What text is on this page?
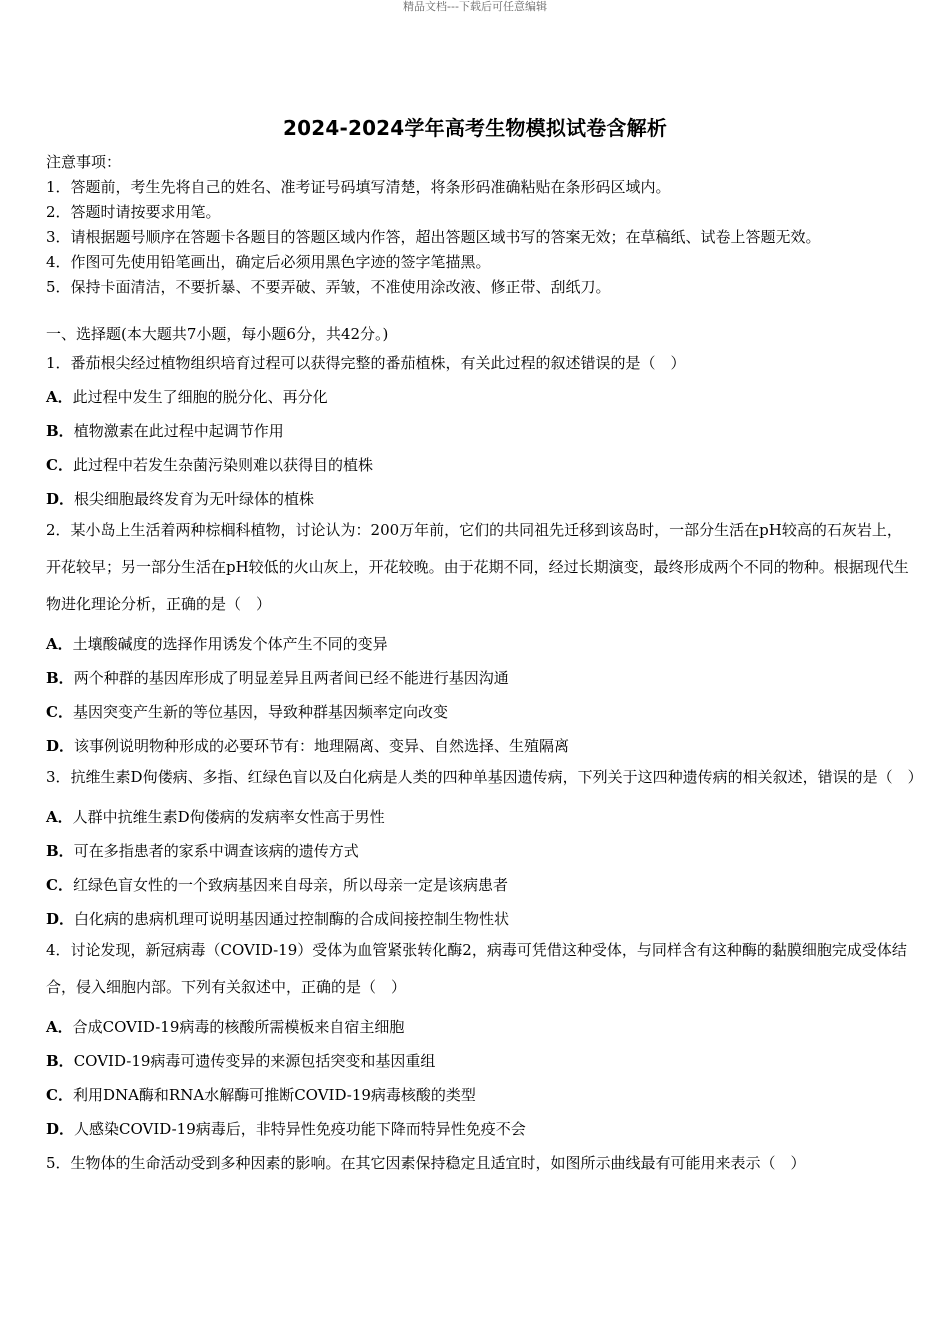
精品文档---下载后可任意编辑
2024-2024学年高考生物模拟试卷含解析

注意事项：

1．答题前，考生先将自己的姓名、准考证号码填写清楚，将条形码准确粘贴在条形码区域内。

2．答题时请按要求用笔。

3．请根据题号顺序在答题卡各题目的答题区域内作答，超出答题区域书写的答案无效；在草稿纸、试卷上答题无效。

4．作图可先使用铅笔画出，确定后必须用黑色字迹的签字笔描黑。

5．保持卡面清洁，不要折暴、不要弄破、弄皱，不准使用涂改液、修正带、刮纸刀。

一、选择题(本大题共7小题，每小题6分，共42分。)

1．番茄根尖经过植物组织培育过程可以获得完整的番茄植株，有关此过程的叙述错误的是（　）

A．此过程中发生了细胞的脱分化、再分化

B．植物激素在此过程中起调节作用

C．此过程中若发生杂菌污染则难以获得目的植株

D．根尖细胞最终发育为无叶绿体的植株

2．某小岛上生活着两种棕榈科植物，讨论认为：200万年前，它们的共同祖先迁移到该岛时，一部分生活在pH较高的石灰岩上，开花较早；另一部分生活在pH较低的火山灰上，开花较晚。由于花期不同，经过长期演变，最终形成两个不同的物种。根据现代生物进化理论分析，正确的是（　）

A．土壤酸碱度的选择作用诱发个体产生不同的变异

B．两个种群的基因库形成了明显差异且两者间已经不能进行基因沟通

C．基因突变产生新的等位基因，导致种群基因频率定向改变

D．该事例说明物种形成的必要环节有：地理隔离、变异、自然选择、生殖隔离

3．抗维生素D佝偻病、多指、红绿色盲以及白化病是人类的四种单基因遗传病，下列关于这四种遗传病的相关叙述，错误的是（　）

A．人群中抗维生素D佝偻病的发病率女性高于男性

B．可在多指患者的家系中调查该病的遗传方式

C．红绿色盲女性的一个致病基因来自母亲，所以母亲一定是该病患者

D．白化病的患病机理可说明基因通过控制酶的合成间接控制生物性状

4．讨论发现，新冠病毒（COVID-19）受体为血管紧张转化酶2，病毒可凭借这种受体，与同样含有这种酶的黏膜细胞完成受体结合，侵入细胞内部。下列有关叙述中，正确的是（　）

A．合成COVID-19病毒的核酸所需模板来自宿主细胞

B．COVID-19病毒可遗传变异的来源包括突变和基因重组

C．利用DNA酶和RNA水解酶可推断COVID-19病毒核酸的类型

D．人感染COVID-19病毒后，非特异性免疫功能下降而特异性免疫不会

5．生物体的生命活动受到多种因素的影响。在其它因素保持稳定且适宜时，如图所示曲线最有可能用来表示（　）
